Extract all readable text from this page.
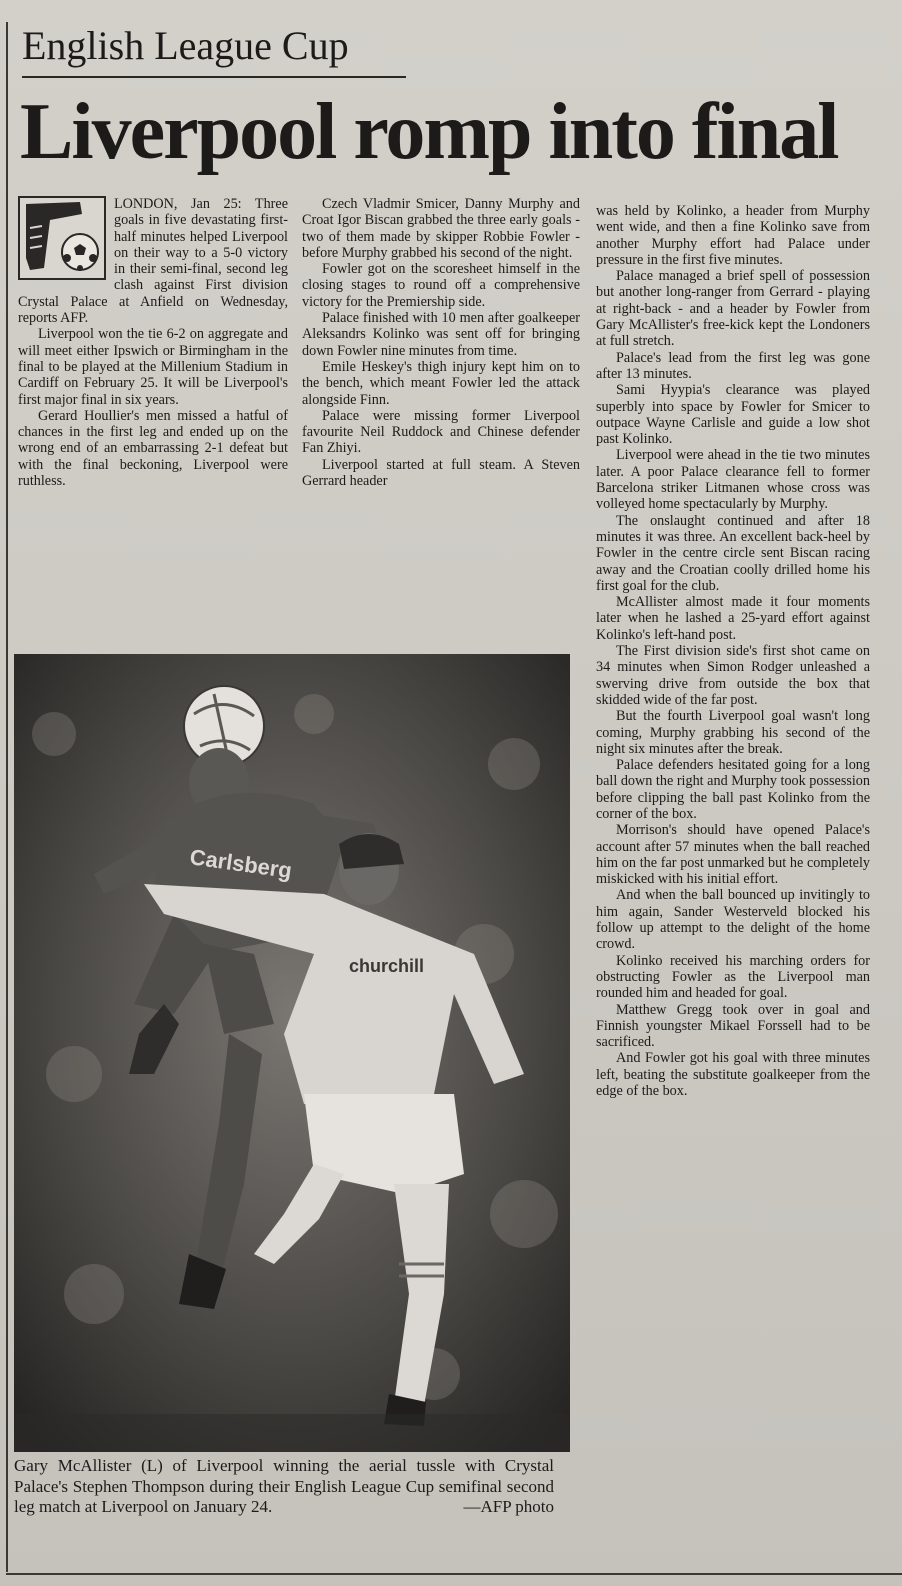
English League Cup
Liverpool romp into final

LONDON, Jan 25: Three goals in five devastating first-half minutes helped Liverpool on their way to a 5-0 victory in their semi-final, second leg clash against First division Crystal Palace at Anfield on Wednesday, reports AFP.

Liverpool won the tie 6-2 on aggregate and will meet either Ipswich or Birmingham in the final to be played at the Millenium Stadium in Cardiff on February 25. It will be Liverpool's first major final in six years.

Gerard Houllier's men missed a hatful of chances in the first leg and ended up on the wrong end of an embarrassing 2-1 defeat but with the final beckoning, Liverpool were ruthless.

Czech Vladmir Smicer, Danny Murphy and Croat Igor Biscan grabbed the three early goals - two of them made by skipper Robbie Fowler - before Murphy grabbed his second of the night.

Fowler got on the scoresheet himself in the closing stages to round off a comprehensive victory for the Premiership side.

Palace finished with 10 men after goalkeeper Aleksandrs Kolinko was sent off for bringing down Fowler nine minutes from time.

Emile Heskey's thigh injury kept him on to the bench, which meant Fowler led the attack alongside Finn.

Palace were missing former Liverpool favourite Neil Ruddock and Chinese defender Fan Zhiyi.

Liverpool started at full steam. A Steven Gerrard header

was held by Kolinko, a header from Murphy went wide, and then a fine Kolinko save from another Murphy effort had Palace under pressure in the first five minutes.

Palace managed a brief spell of possession but another long-ranger from Gerrard - playing at right-back - and a header by Fowler from Gary McAllister's free-kick kept the Londoners at full stretch.

Palace's lead from the first leg was gone after 13 minutes.

Sami Hyypia's clearance was played superbly into space by Fowler for Smicer to outpace Wayne Carlisle and guide a low shot past Kolinko.

Liverpool were ahead in the tie two minutes later. A poor Palace clearance fell to former Barcelona striker Litmanen whose cross was volleyed home spectacularly by Murphy.

The onslaught continued and after 18 minutes it was three. An excellent back-heel by Fowler in the centre circle sent Biscan racing away and the Croatian coolly drilled home his first goal for the club.

McAllister almost made it four moments later when he lashed a 25-yard effort against Kolinko's left-hand post.

The First division side's first shot came on 34 minutes when Simon Rodger unleashed a swerving drive from outside the box that skidded wide of the far post.

But the fourth Liverpool goal wasn't long coming, Murphy grabbing his second of the night six minutes after the break.

Palace defenders hesitated going for a long ball down the right and Murphy took possession before clipping the ball past Kolinko from the corner of the box.

Morrison's should have opened Palace's account after 57 minutes when the ball reached him on the far post unmarked but he completely miskicked with his initial effort.

And when the ball bounced up invitingly to him again, Sander Westerveld blocked his follow up attempt to the delight of the home crowd.

Kolinko received his marching orders for obstructing Fowler as the Liverpool man rounded him and headed for goal.

Matthew Gregg took over in goal and Finnish youngster Mikael Forssell had to be sacrificed.

And Fowler got his goal with three minutes left, beating the substitute goalkeeper from the edge of the box.

Carlsberg
churchill
Gary McAllister (L) of Liverpool winning the aerial tussle with Crystal Palace's Stephen Thompson during their English League Cup semifinal second leg match at Liverpool on January 24.	—AFP photo
